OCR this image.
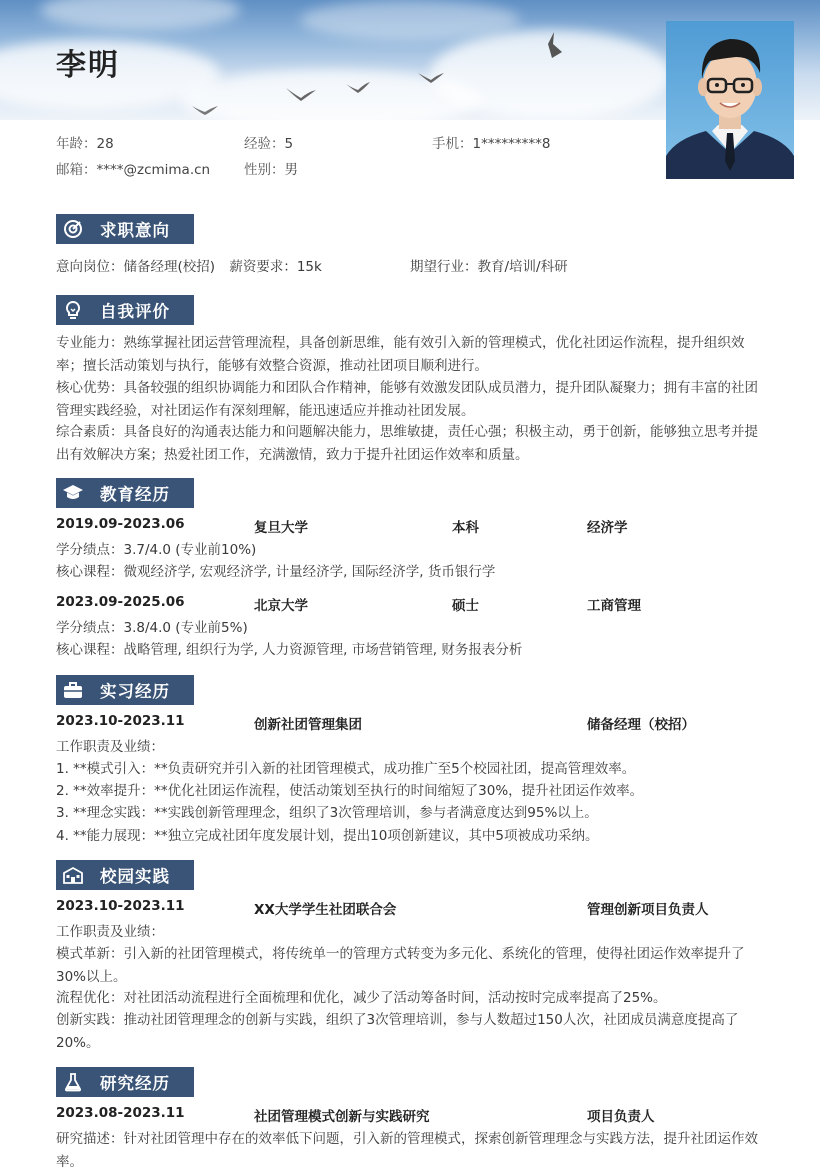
李明
年龄：28	经验：5	手机：1*********8
邮箱：****@zcmima.cn	性别：男
求职意向
意向岗位：储备经理(校招) 薪资要求：15k	期望行业：教育/培训/科研
自我评价
专业能力：熟练掌握社团运营管理流程，具备创新思维，能有效引入新的管理模式，优化社团运作流程，提升组织效率；擅长活动策划与执行，能够有效整合资源，推动社团项目顺利进行。
核心优势：具备较强的组织协调能力和团队合作精神，能够有效激发团队成员潜力，提升团队凝聚力；拥有丰富的社团管理实践经验，对社团运作有深刻理解，能迅速适应并推动社团发展。
综合素质：具备良好的沟通表达能力和问题解决能力，思维敏捷，责任心强；积极主动，勇于创新，能够独立思考并提出有效解决方案；热爱社团工作，充满激情，致力于提升社团运作效率和质量。
教育经历
2019.09-2023.06	复旦大学	本科	经济学
学分绩点：3.7/4.0 (专业前10%)
核心课程：微观经济学, 宏观经济学, 计量经济学, 国际经济学, 货币银行学
2023.09-2025.06	北京大学	硕士	工商管理
学分绩点：3.8/4.0 (专业前5%)
核心课程：战略管理, 组织行为学, 人力资源管理, 市场营销管理, 财务报表分析
实习经历
2023.10-2023.11	创新社团管理集团	储备经理（校招）
工作职责及业绩：
1. **模式引入：**负责研究并引入新的社团管理模式，成功推广至5个校园社团，提高管理效率。
2. **效率提升：**优化社团运作流程，使活动策划至执行的时间缩短了30%，提升社团运作效率。
3. **理念实践：**实践创新管理理念，组织了3次管理培训，参与者满意度达到95%以上。
4. **能力展现：**独立完成社团年度发展计划，提出10项创新建议，其中5项被成功采纳。
校园实践
2023.10-2023.11	XX大学学生社团联合会	管理创新项目负责人
工作职责及业绩：
模式革新：引入新的社团管理模式，将传统单一的管理方式转变为多元化、系统化的管理，使得社团运作效率提升了30%以上。
流程优化：对社团活动流程进行全面梳理和优化，减少了活动筹备时间，活动按时完成率提高了25%。
创新实践：推动社团管理理念的创新与实践，组织了3次管理培训，参与人数超过150人次，社团成员满意度提高了20%。
研究经历
2023.08-2023.11	社团管理模式创新与实践研究	项目负责人
研究描述：针对社团管理中存在的效率低下问题，引入新的管理模式，探索创新管理理念与实践方法，提升社团运作效率。
